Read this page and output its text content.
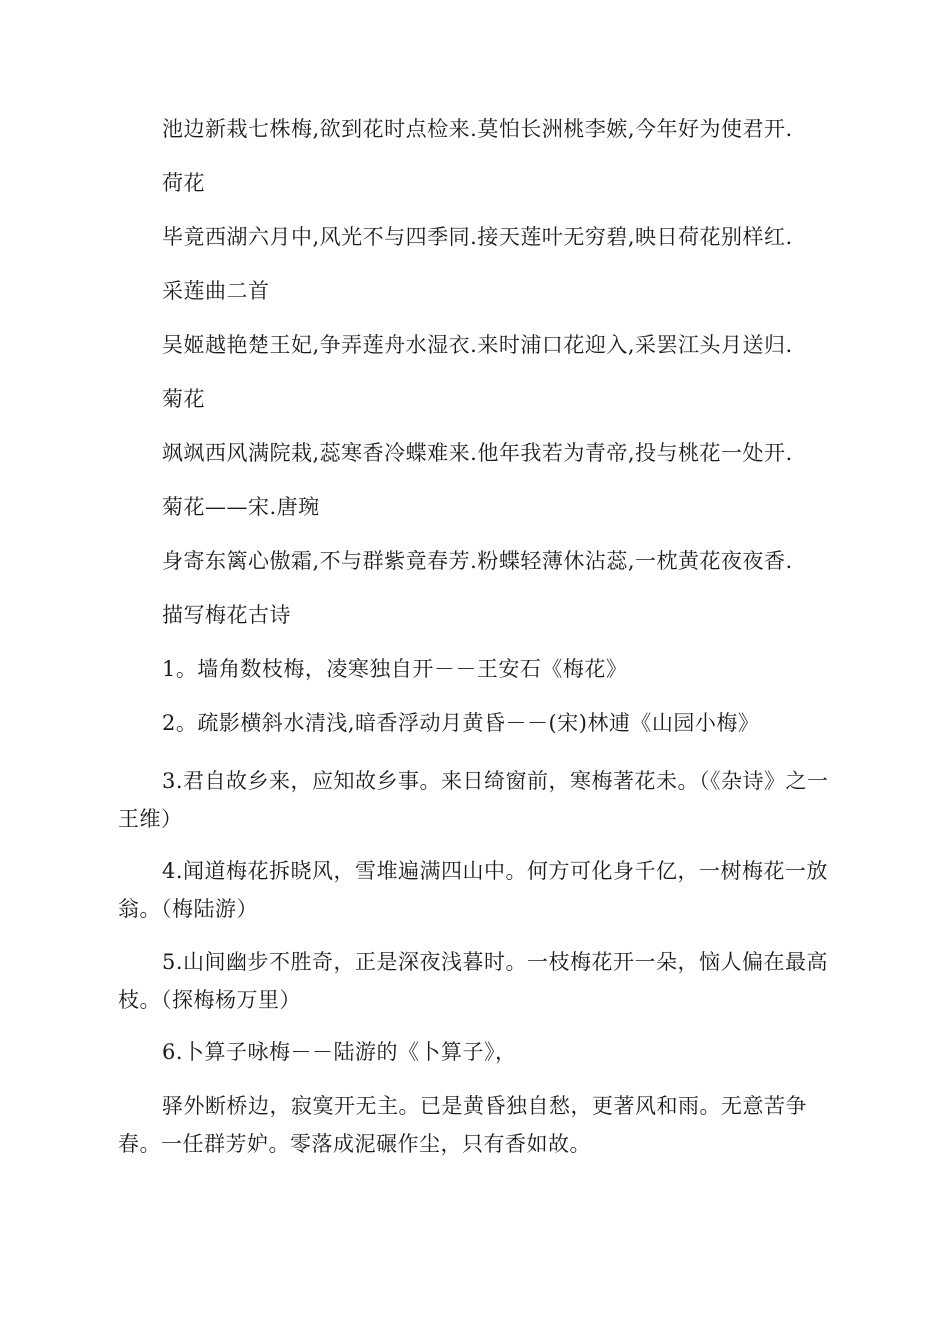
池边新栽七株梅,欲到花时点检来.莫怕长洲桃李嫉,今年好为使君开.
荷花
毕竟西湖六月中,风光不与四季同.接天莲叶无穷碧,映日荷花别样红.
采莲曲二首
吴姬越艳楚王妃,争弄莲舟水湿衣.来时浦口花迎入,采罢江头月送归.
菊花
飒飒西风满院栽,蕊寒香冷蝶难来.他年我若为青帝,投与桃花一处开.
菊花——宋.唐琬
身寄东篱心傲霜,不与群紫竟春芳.粉蝶轻薄休沾蕊,一枕黄花夜夜香.
描写梅花古诗
1。墙角数枝梅，凌寒独自开－－王安石《梅花》
2。疏影横斜水清浅,暗香浮动月黄昏－－(宋)林逋《山园小梅》
3.君自故乡来，应知故乡事。来日绮窗前，寒梅著花未。（《杂诗》之一王维）
4.闻道梅花拆晓风，雪堆遍满四山中。何方可化身千亿，一树梅花一放翁。（梅陆游）
5.山间幽步不胜奇，正是深夜浅暮时。一枝梅花开一朵，恼人偏在最高枝。（探梅杨万里）
6.卜算子咏梅－－陆游的《卜算子》，
驿外断桥边，寂寞开无主。已是黄昏独自愁，更著风和雨。无意苦争春。一任群芳妒。零落成泥碾作尘，只有香如故。
